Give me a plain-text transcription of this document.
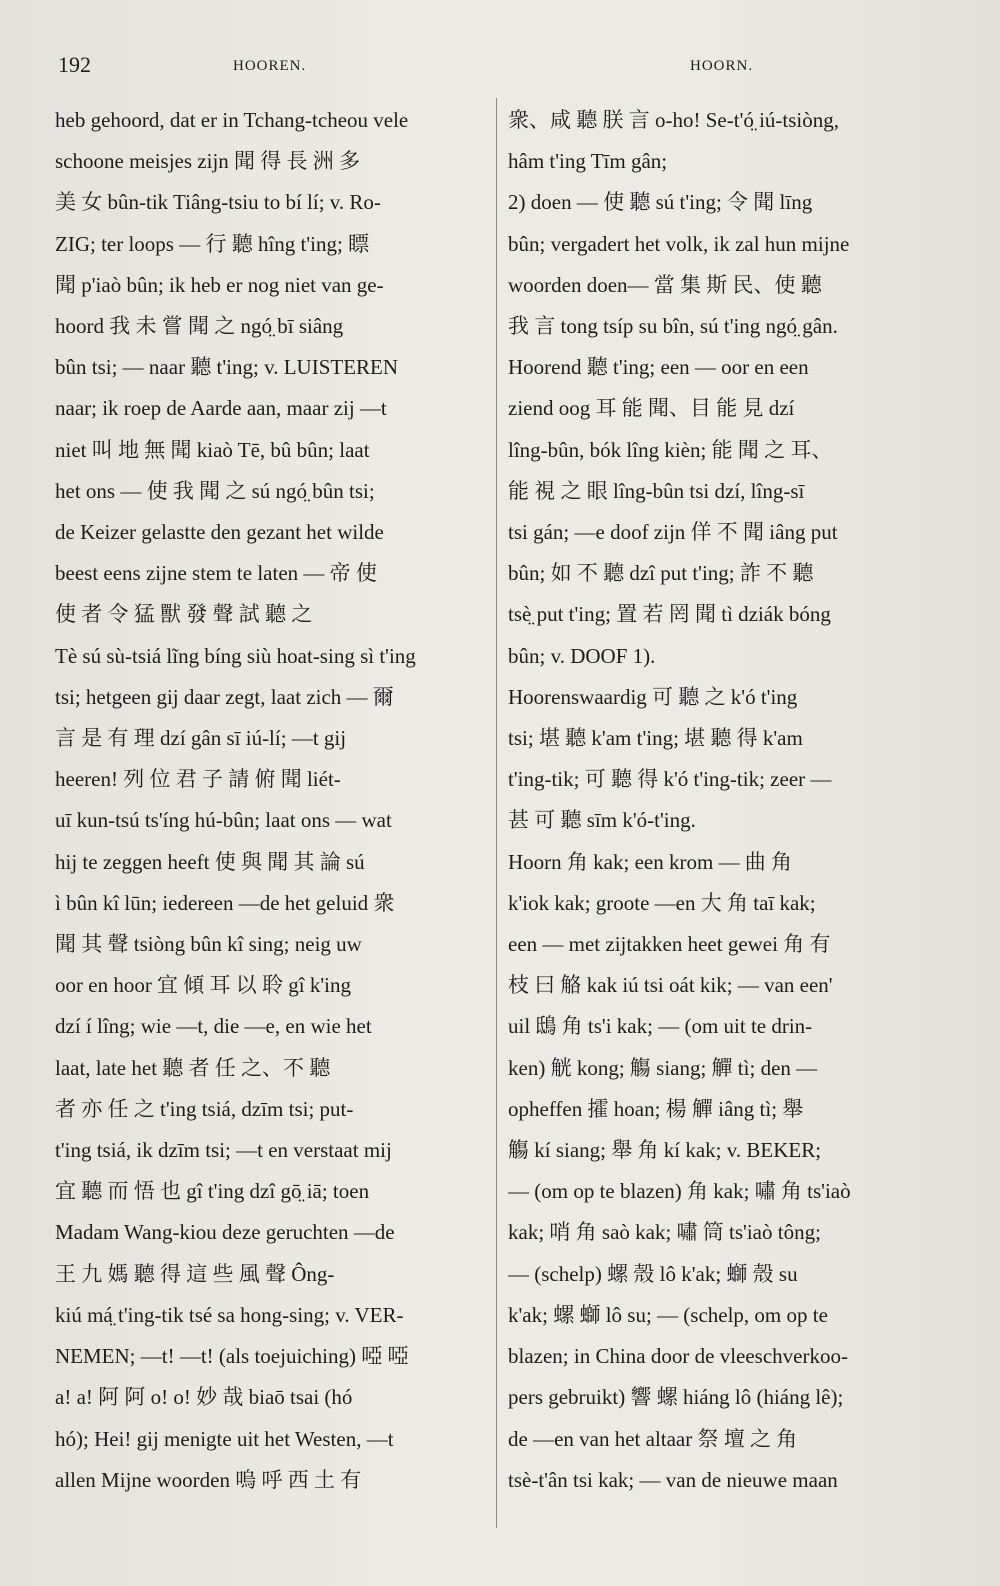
192	HOOREN.	HOORN.
heb gehoord, dat er in Tchang-tcheou vele
schoone meisjes zijn 聞 得 長 洲 多
美 女 bûn-tik Tiâng-tsiu to bí lí; v. Ro-
ZIG; ter loops — 行 聽 hîng t'ing; 瞟
聞 p'iaò bûn; ik heb er nog niet van ge-
hoord 我 未 嘗 聞 之 ngó̤ bī siâng
bûn tsi; — naar 聽 t'ing; v. LUISTEREN
naar; ik roep de Aarde aan, maar zij —t
niet 叫 地 無 聞 kiaò Tē, bû bûn; laat
het ons — 使 我 聞 之 sú ngó̤ bûn tsi;
de Keizer gelastte den gezant het wilde
beest eens zijne stem te laten — 帝 使
使 者 令 猛 獸 發 聲 試 聽 之
Tè sú sù-tsiá lĩng bíng siù hoat-sing sì t'ing
tsi; hetgeen gij daar zegt, laat zich — 爾
言 是 有 理 dzí gân sī iú-lí; —t gij
heeren! 列 位 君 子 請 俯 聞 liét-
uī kun-tsú ts'íng hú-bûn; laat ons — wat
hij te zeggen heeft 使 與 聞 其 論 sú
ì bûn kî lūn; iedereen —de het geluid 衆
聞 其 聲 tsiòng bûn kî sing; neig uw
oor en hoor 宜 傾 耳 以 聆 gî k'ing
dzí í lîng; wie —t, die —e, en wie het
laat, late het 聽 者 任 之、不 聽
者 亦 任 之 t'ing tsiá, dzīm tsi; put-
t'ing tsiá, ik dzīm tsi; —t en verstaat mij
宜 聽 而 悟 也 gî t'ing dzî gō̤ iā; toen
Madam Wang-kiou deze geruchten —de
王 九 媽 聽 得 這 些 風 聲 Ông-
kiú má̤ t'ing-tik tsé sa hong-sing; v. VER-
NEMEN; —t! —t! (als toejuiching) 啞 啞
a! a! 阿 阿 o! o! 妙 哉 biaō tsai (hó
hó); Hei! gij menigte uit het Westen, —t
allen Mijne woorden 嗚 呼 西 土 有
衆、咸 聽 朕 言 o-ho! Se-t'ó̤ iú-tsiòng,
hâm t'ing Tīm gân;
2) doen — 使 聽 sú t'ing; 令 聞 līng
bûn; vergadert het volk, ik zal hun mijne
woorden doen— 當 集 斯 民、使 聽
我 言 tong tsíp su bîn, sú t'ing ngó̤ gân.
Hoorend 聽 t'ing; een — oor en een
ziend oog 耳 能 聞、目 能 見 dzí
lîng-bûn, bók lîng kièn; 能 聞 之 耳、
能 視 之 眼 lîng-bûn tsi dzí, lîng-sī
tsi gán; —e doof zijn 佯 不 聞 iâng put
bûn; 如 不 聽 dzî put t'ing; 詐 不 聽
tsè̤ put t'ing; 置 若 罔 聞 tì dziák bóng
bûn; v. DOOF 1).
Hoorenswaardig 可 聽 之 k'ó t'ing
tsi; 堪 聽 k'am t'ing; 堪 聽 得 k'am
t'ing-tik; 可 聽 得 k'ó t'ing-tik; zeer —
甚 可 聽 sīm k'ó-t'ing.
Hoorn 角 kak; een krom — 曲 角
k'iok kak; groote —en 大 角 taī kak;
een — met zijtakken heet gewei 角 有
枝 曰 觡 kak iú tsi oát kik; — van een'
uil 鴟 角 ts'i kak; — (om uit te drin-
ken) 觥 kong; 觴 siang; 觶 tì; den —
opheffen 攉 hoan; 楊 觶 iâng tì; 舉
觴 kí siang; 舉 角 kí kak; v. BEKER;
— (om op te blazen) 角 kak; 嘯 角 ts'iaò
kak; 哨 角 saò kak; 嘯 筒 ts'iaò tông;
— (schelp) 螺 殼 lô k'ak; 螄 殼 su
k'ak; 螺 螄 lô su; — (schelp, om op te
blazen; in China door de vleeschverkoo-
pers gebruikt) 響 螺 hiáng lô (hiáng lê);
de —en van het altaar 祭 壇 之 角
tsè-t'ân tsi kak; — van de nieuwe maan
